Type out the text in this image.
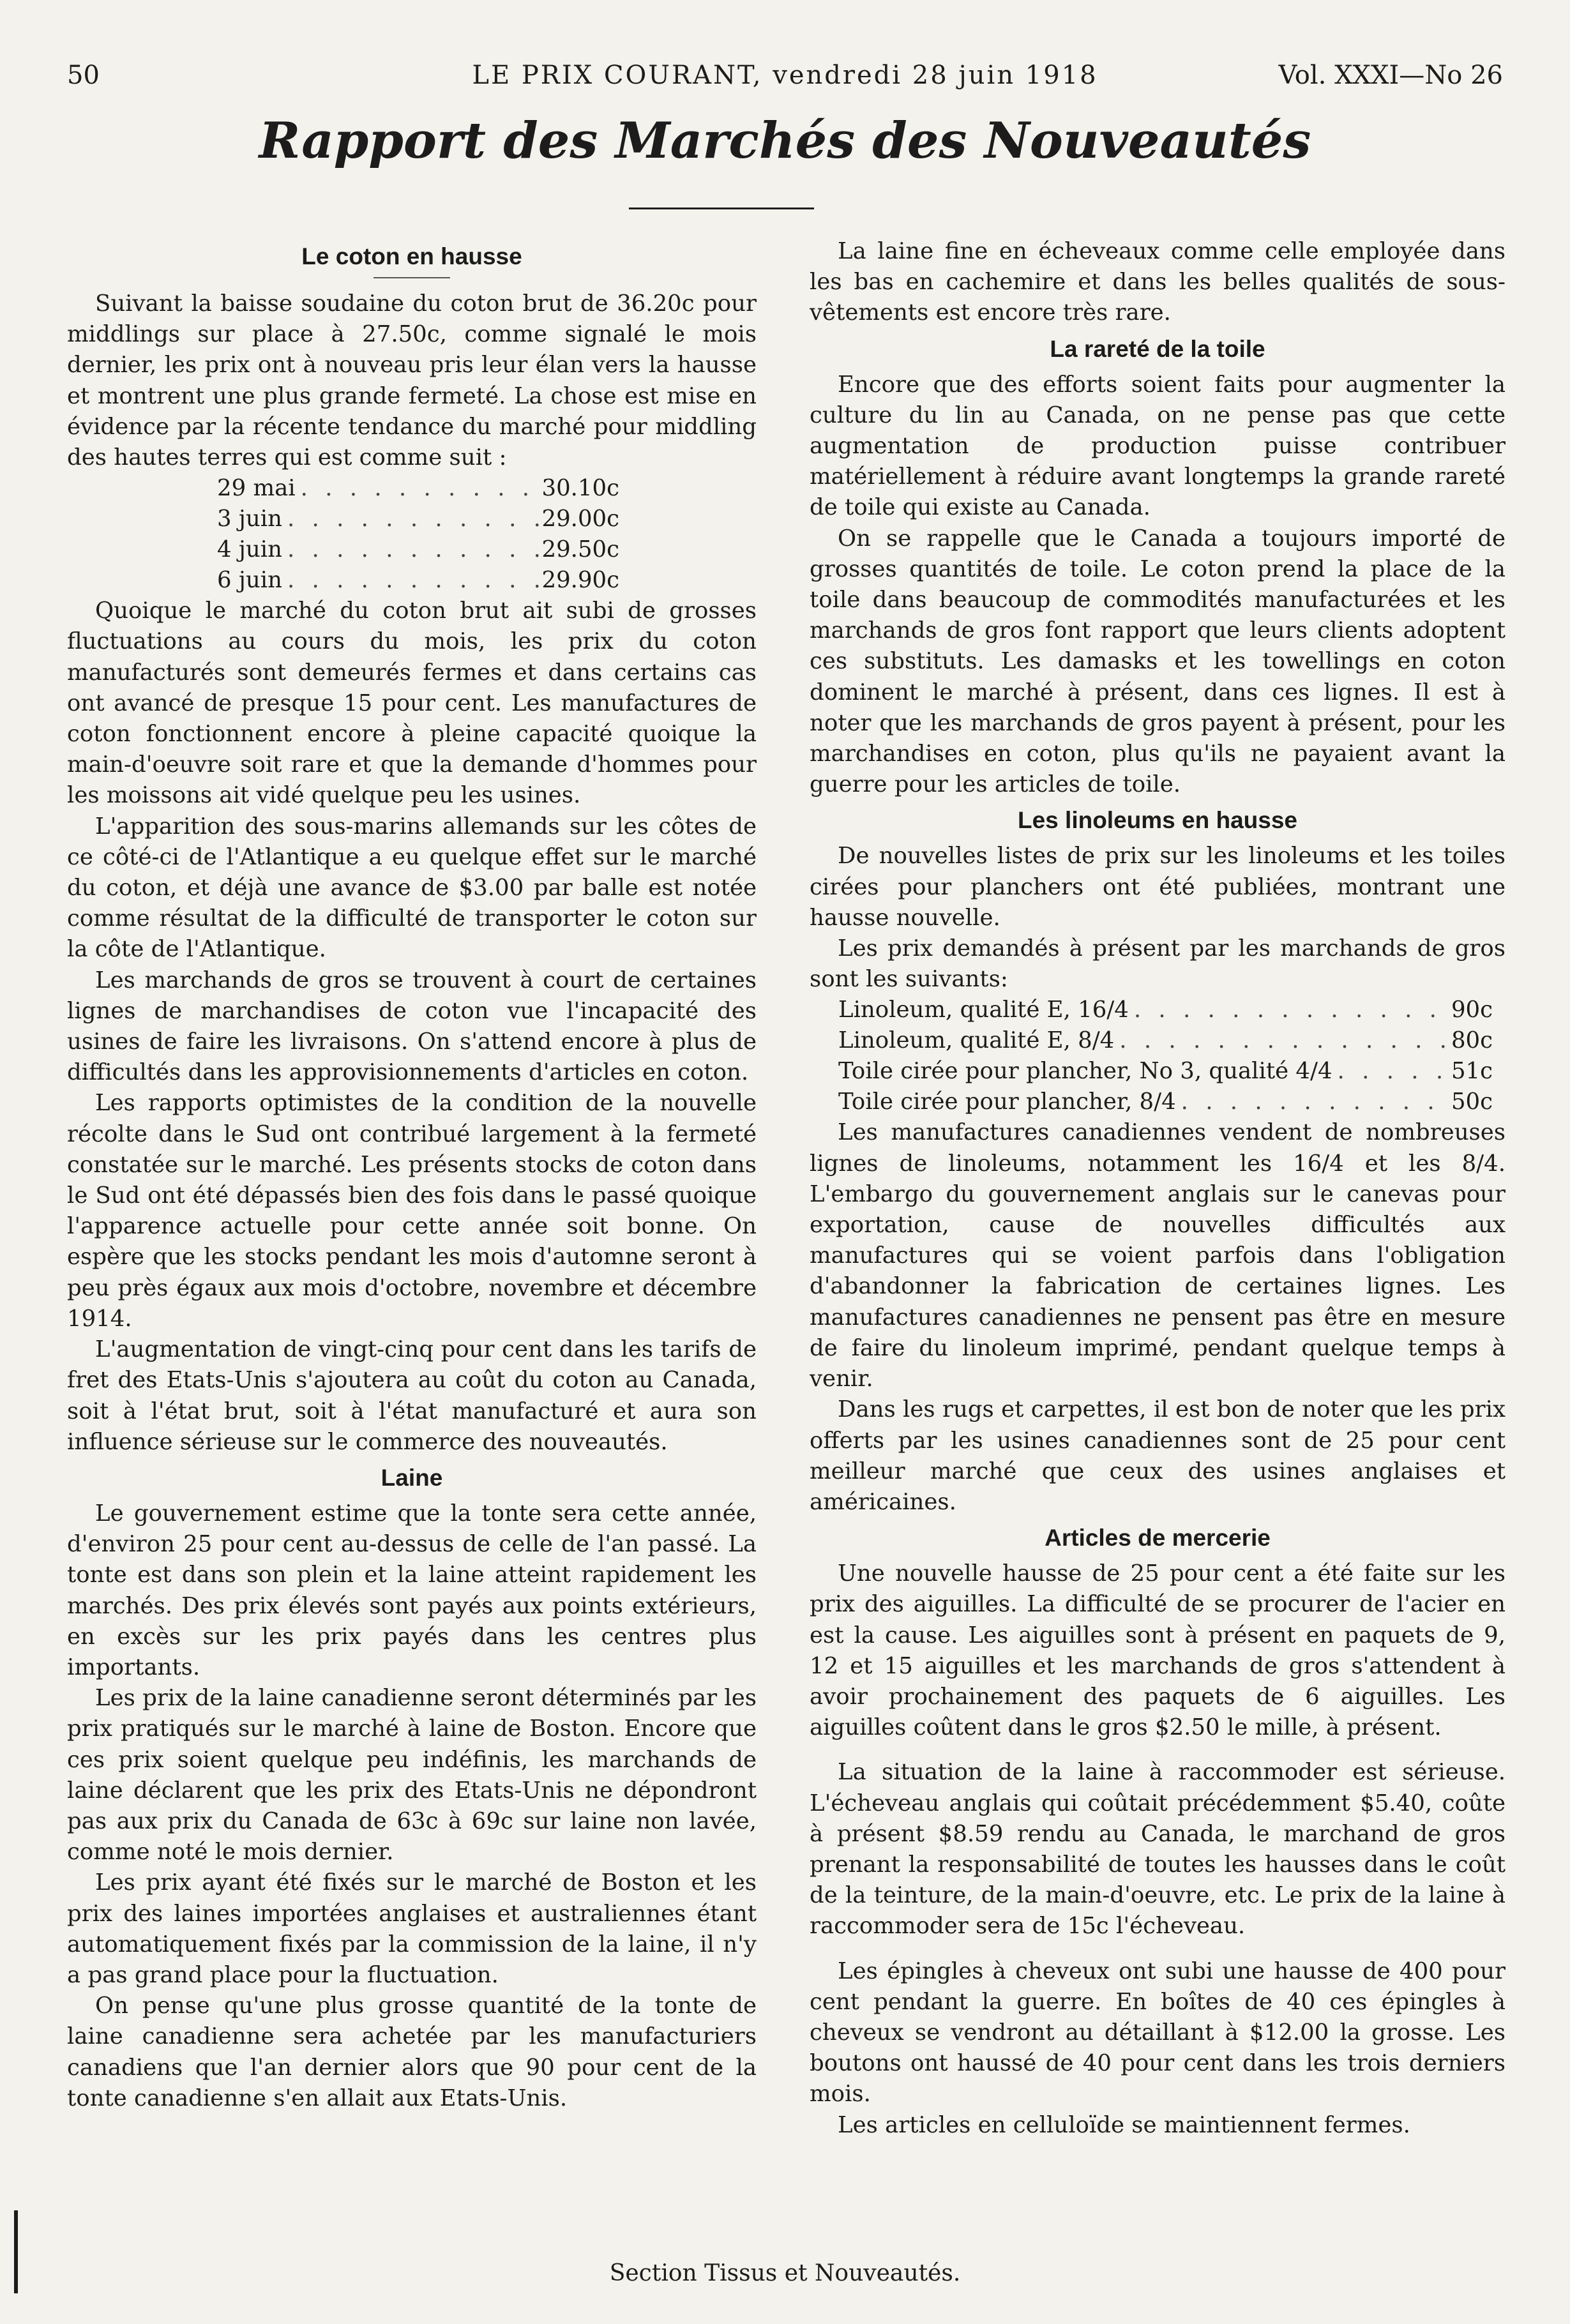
50	LE PRIX COURANT, vendredi 28 juin 1918	Vol. XXXI—No 26
Rapport des Marchés des Nouveautés
Le coton en hausse

Suivant la baisse soudaine du coton brut de 36.20c pour middlings sur place à 27.50c, comme signalé le mois dernier, les prix ont à nouveau pris leur élan vers la hausse et montrent une plus grande fermeté. La chose est mise en évidence par la récente tendance du marché pour middling des hautes terres qui est comme suit :

29 mai . . .	30.10c
3 juin . . .	29.00c
4 juin . . .	29.50c
6 juin . . .	29.90c

Quoique le marché du coton brut ait subi de grosses fluctuations au cours du mois, les prix du coton manufacturés sont demeurés fermes et dans certains cas ont avancé de presque 15 pour cent. Les manufactures de coton fonctionnent encore à pleine capacité quoique la main-d'oeuvre soit rare et que la demande d'hommes pour les moissons ait vidé quelque peu les usines.

L'apparition des sous-marins allemands sur les côtes de ce côté-ci de l'Atlantique a eu quelque effet sur le marché du coton, et déjà une avance de $3.00 par balle est notée comme résultat de la difficulté de transporter le coton sur la côte de l'Atlantique.

Les marchands de gros se trouvent à court de certaines lignes de marchandises de coton vue l'incapacité des usines de faire les livraisons. On s'attend encore à plus de difficultés dans les approvisionnements d'articles en coton.

Les rapports optimistes de la condition de la nouvelle récolte dans le Sud ont contribué largement à la fermeté constatée sur le marché. Les présents stocks de coton dans le Sud ont été dépassés bien des fois dans le passé quoique l'apparence actuelle pour cette année soit bonne. On espère que les stocks pendant les mois d'automne seront à peu près égaux aux mois d'octobre, novembre et décembre 1914.

L'augmentation de vingt-cinq pour cent dans les tarifs de fret des Etats-Unis s'ajoutera au coût du coton au Canada, soit à l'état brut, soit à l'état manufacturé et aura son influence sérieuse sur le commerce des nouveautés.

Laine

Le gouvernement estime que la tonte sera cette année, d'environ 25 pour cent au-dessus de celle de l'an passé. La tonte est dans son plein et la laine atteint rapidement les marchés. Des prix élevés sont payés aux points extérieurs, en excès sur les prix payés dans les centres plus importants.

Les prix de la laine canadienne seront déterminés par les prix pratiqués sur le marché à laine de Boston. Encore que ces prix soient quelque peu indéfinis, les marchands de laine déclarent que les prix des Etats-Unis ne dépondront pas aux prix du Canada de 63c à 69c sur laine non lavée, comme noté le mois dernier.

Les prix ayant été fixés sur le marché de Boston et les prix des laines importées anglaises et australiennes étant automatiquement fixés par la commission de la laine, il n'y a pas grand place pour la fluctuation.

On pense qu'une plus grosse quantité de la tonte de laine canadienne sera achetée par les manufacturiers canadiens que l'an dernier alors que 90 pour cent de la tonte canadienne s'en allait aux Etats-Unis.

La laine fine en écheveaux comme celle employée dans les bas en cachemire et dans les belles qualités de sous-vêtements est encore très rare.

La rareté de la toile

Encore que des efforts soient faits pour augmenter la culture du lin au Canada, on ne pense pas que cette augmentation de production puisse contribuer matériellement à réduire avant longtemps la grande rareté de toile qui existe au Canada.

On se rappelle que le Canada a toujours importé de grosses quantités de toile. Le coton prend la place de la toile dans beaucoup de commodités manufacturées et les marchands de gros font rapport que leurs clients adoptent ces substituts. Les damasks et les towellings en coton dominent le marché à présent, dans ces lignes. Il est à noter que les marchands de gros payent à présent, pour les marchandises en coton, plus qu'ils ne payaient avant la guerre pour les articles de toile.

Les linoleums en hausse

De nouvelles listes de prix sur les linoleums et les toiles cirées pour planchers ont été publiées, montrant une hausse nouvelle.

Les prix demandés à présent par les marchands de gros sont les suivants:

Linoleum, qualité E, 16/4 . . .	90c
Linoleum, qualité E, 8/4 . . .	80c
Toile cirée pour plancher, No 3, qualité 4/4 . . .	51c
Toile cirée pour plancher, 8/4 . . .	50c

Les manufactures canadiennes vendent de nombreuses lignes de linoleums, notamment les 16/4 et les 8/4. L'embargo du gouvernement anglais sur le canevas pour exportation, cause de nouvelles difficultés aux manufactures qui se voient parfois dans l'obligation d'abandonner la fabrication de certaines lignes. Les manufactures canadiennes ne pensent pas être en mesure de faire du linoleum imprimé, pendant quelque temps à venir.

Dans les rugs et carpettes, il est bon de noter que les prix offerts par les usines canadiennes sont de 25 pour cent meilleur marché que ceux des usines anglaises et américaines.

Articles de mercerie

Une nouvelle hausse de 25 pour cent a été faite sur les prix des aiguilles. La difficulté de se procurer de l'acier en est la cause. Les aiguilles sont à présent en paquets de 9, 12 et 15 aiguilles et les marchands de gros s'attendent à avoir prochainement des paquets de 6 aiguilles. Les aiguilles coûtent dans le gros $2.50 le mille, à présent.

La situation de la laine à raccommoder est sérieuse. L'écheveau anglais qui coûtait précédemment $5.40, coûte à présent $8.59 rendu au Canada, le marchand de gros prenant la responsabilité de toutes les hausses dans le coût de la teinture, de la main-d'oeuvre, etc. Le prix de la laine à raccommoder sera de 15c l'écheveau.

Les épingles à cheveux ont subi une hausse de 400 pour cent pendant la guerre. En boîtes de 40 ces épingles à cheveux se vendront au détaillant à $12.00 la grosse. Les boutons ont haussé de 40 pour cent dans les trois derniers mois.

Les articles en celluloïde se maintiennent fermes.

Section Tissus et Nouveautés.
